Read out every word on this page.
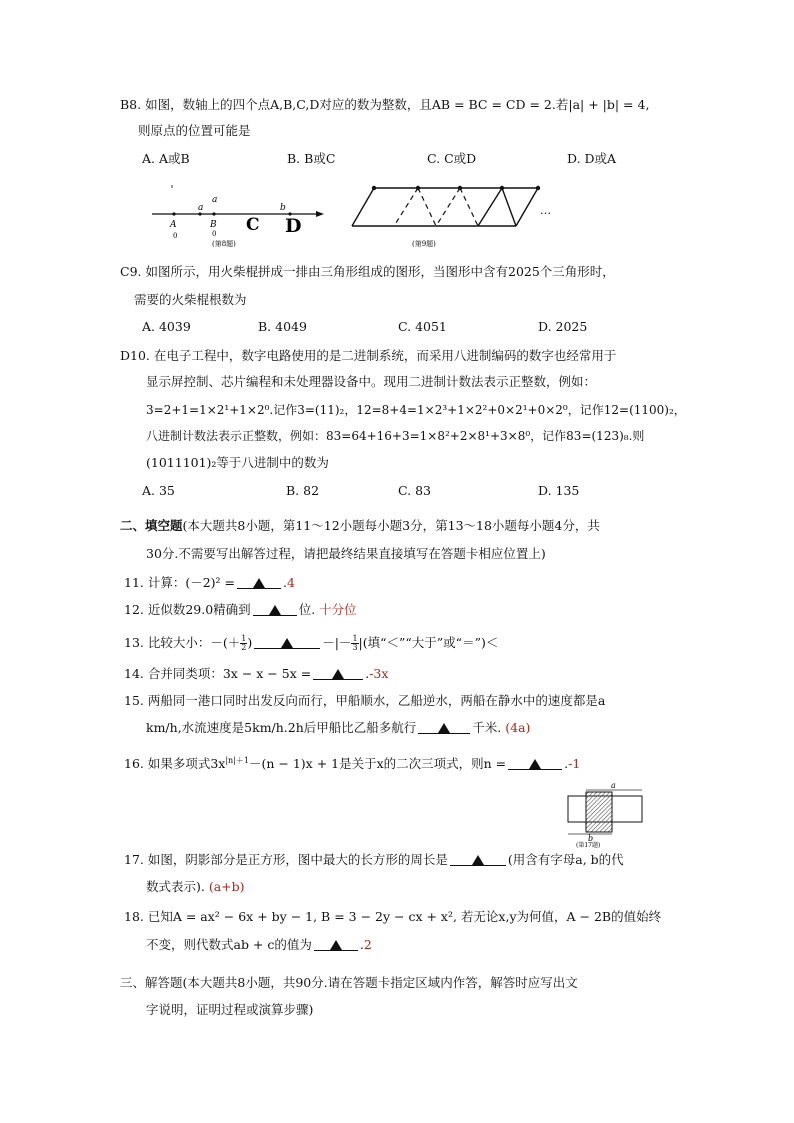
B8. 如图，数轴上的四个点A,B,C,D对应的数为整数，且AB = BC = CD = 2.若|a| + |b| = 4,
则原点的位置可能是
A. A或B	B. B或C	C. C或D	D. D或A
a
a
b
A	B C D
0	0
(第8题)
…
(第9题)
C9. 如图所示，用火柴棍拼成一排由三角形组成的图形，当图形中含有2025个三角形时，
需要的火柴棍根数为
A. 4039	B. 4049	C. 4051	D. 2025
D10. 在电子工程中，数字电路使用的是二进制系统，而采用八进制编码的数字也经常用于
显示屏控制、芯片编程和未处理器设备中。现用二进制计数法表示正整数，例如：
3=2+1=1×2¹+1×2⁰.记作3=(11)₂，12=8+4=1×2³+1×2²+0×2¹+0×2⁰，记作12=(1100)₂，
八进制计数法表示正整数，例如：83=64+16+3=1×8²+2×8¹+3×8⁰，记作83=(123)₈.则
(1011101)₂等于八进制中的数为
A. 35	B. 82	C. 83	D. 135
二、填空题(本大题共8小题，第11～12小题每小题3分，第13～18小题每小题4分，共
30分.不需要写出解答过程，请把最终结果直接填写在答题卡相应位置上)
11. 计算：(－2)² =	.4
12. 近似数29.0精确到	位. 十分位
13. 比较大小：－(＋ $\frac{1}{2}$ )	－|－ $\frac{1}{3}$ |(填“＜”“大于”或“＝”)＜
14. 合并同类项：3x − x − 5x =	.-3x
15. 两船同一港口同时出发反向而行，甲船顺水，乙船逆水，两船在静水中的速度都是a
km/h,水流速度是5km/h.2h后甲船比乙船多航行	千米. (4a)
16. 如果多项式$3x^{|n|+1}-(n - 1)x + 1$是关于x的二次三项式，则n =	.-1
a
b
(第17题)
17. 如图，阴影部分是正方形，图中最大的长方形的周长是	(用含有字母a, b的代
数式表示). (a+b)
18. 已知A = ax² − 6x + by − 1, B = 3 − 2y − cx + x², 若无论x,y为何值，A − 2B的值始终
不变，则代数式ab + c的值为	.2
三、解答题(本大题共8小题，共90分.请在答题卡指定区域内作答，解答时应写出文
字说明，证明过程或演算步骤)
